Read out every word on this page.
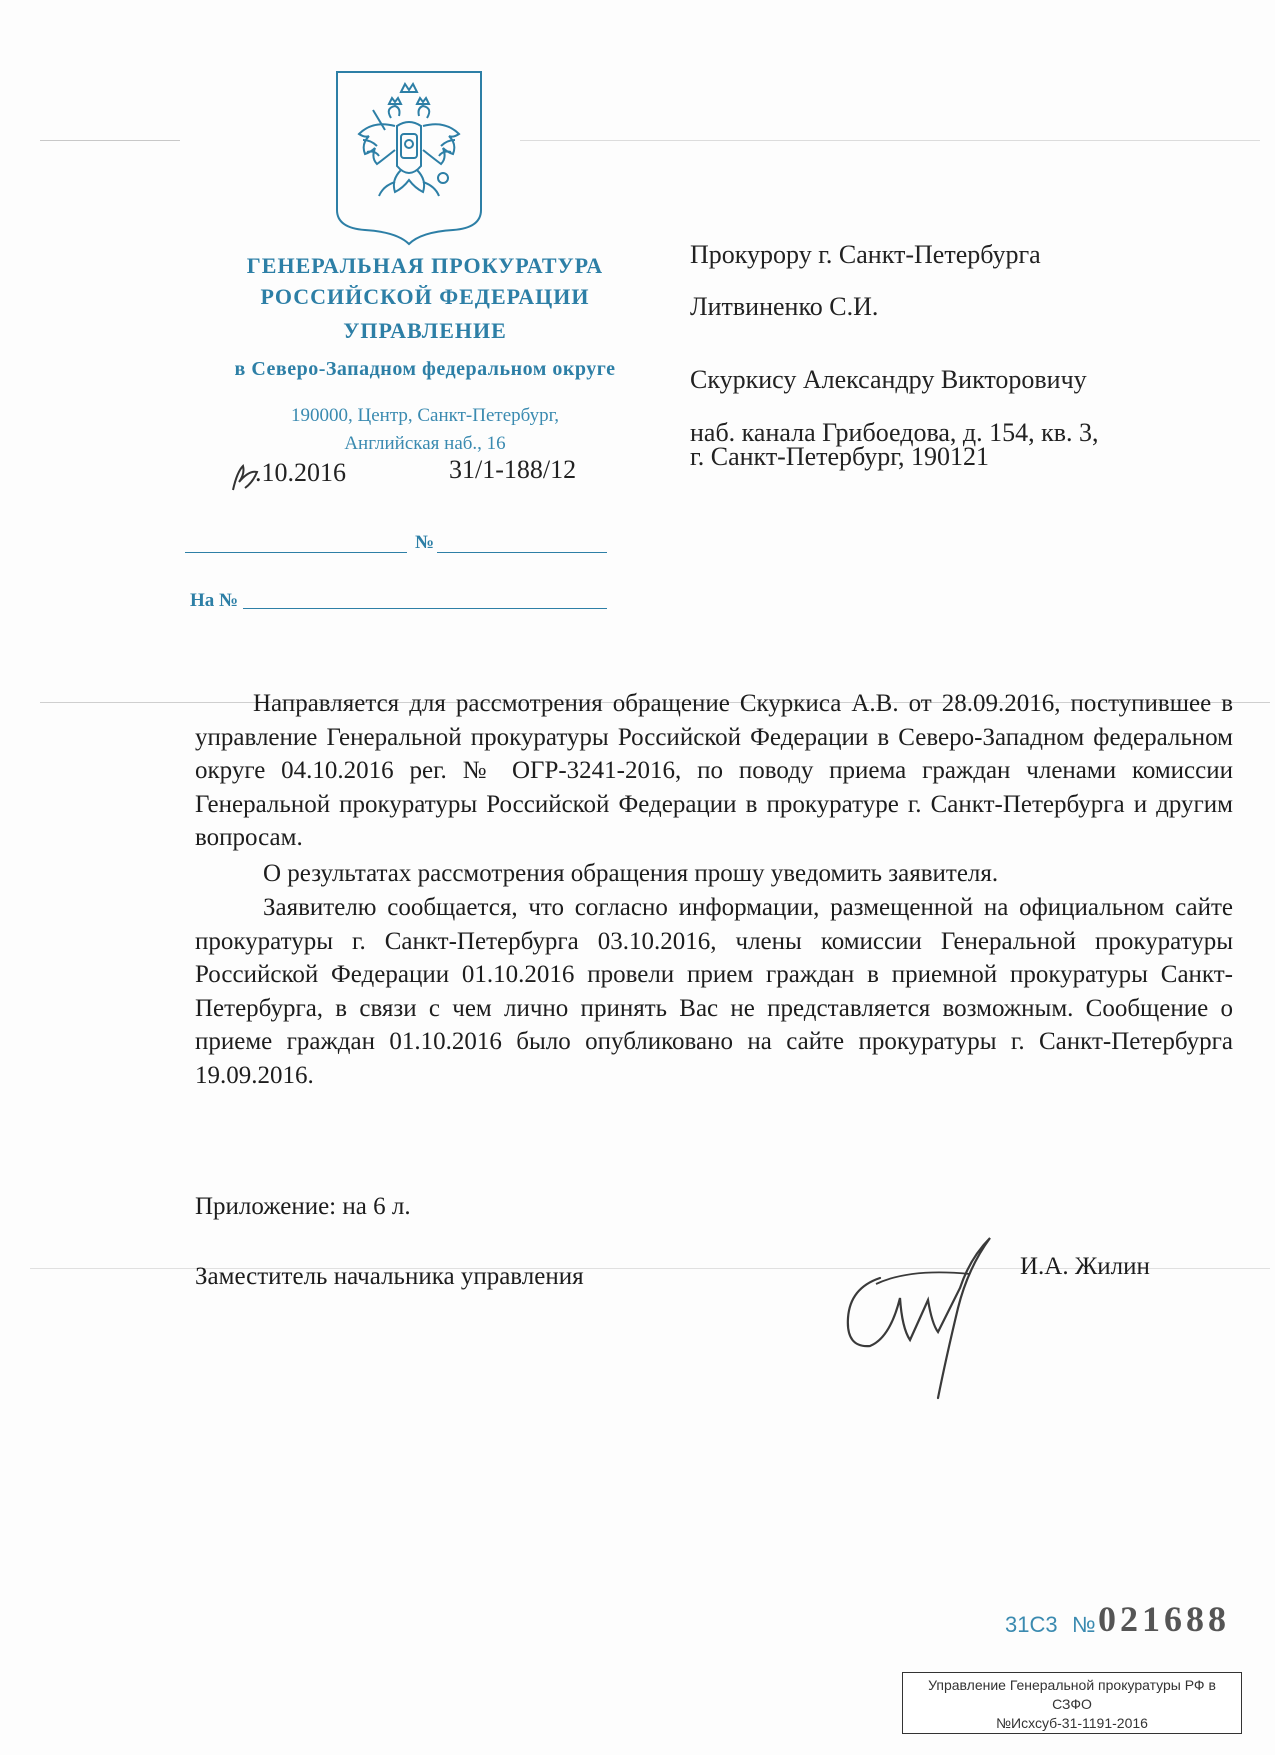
ГЕНЕРАЛЬНАЯ ПРОКУРАТУРА
РОССИЙСКОЙ ФЕДЕРАЦИИ
УПРАВЛЕНИЕ
в Северо-Западном федеральном округе
190000, Центр, Санкт-Петербург,
Английская наб., 16
.10.2016	31/1-188/12
№
На №
Прокурору г. Санкт-Петербурга
Литвиненко С.И.
Скуркису Александру Викторовичу
наб. канала Грибоедова, д. 154, кв. 3,
г. Санкт-Петербург, 190121

Направляется для рассмотрения обращение Скуркиса А.В. от 28.09.2016, поступившее в управление Генеральной прокуратуры Российской Федерации в Северо-Западном федеральном округе 04.10.2016 рег. № ОГР-3241-2016, по поводу приема граждан членами комиссии Генеральной прокуратуры Российской Федерации в прокуратуре г. Санкт-Петербурга и другим вопросам.

О результатах рассмотрения обращения прошу уведомить заявителя.

Заявителю сообщается, что согласно информации, размещенной на официальном сайте прокуратуры г. Санкт-Петербурга 03.10.2016, члены комиссии Генеральной прокуратуры Российской Федерации 01.10.2016 провели прием граждан в приемной прокуратуры Санкт-Петербурга, в связи с чем лично принять Вас не представляется возможным. Сообщение о приеме граждан 01.10.2016 было опубликовано на сайте прокуратуры г. Санкт-Петербурга 19.09.2016.

Приложение: на 6 л.
Заместитель начальника управления	И.А. Жилин
31С3 № 021688
Управление Генеральной прокуратуры РФ в
СЗФО
№Исхсуб-31-1191-2016
